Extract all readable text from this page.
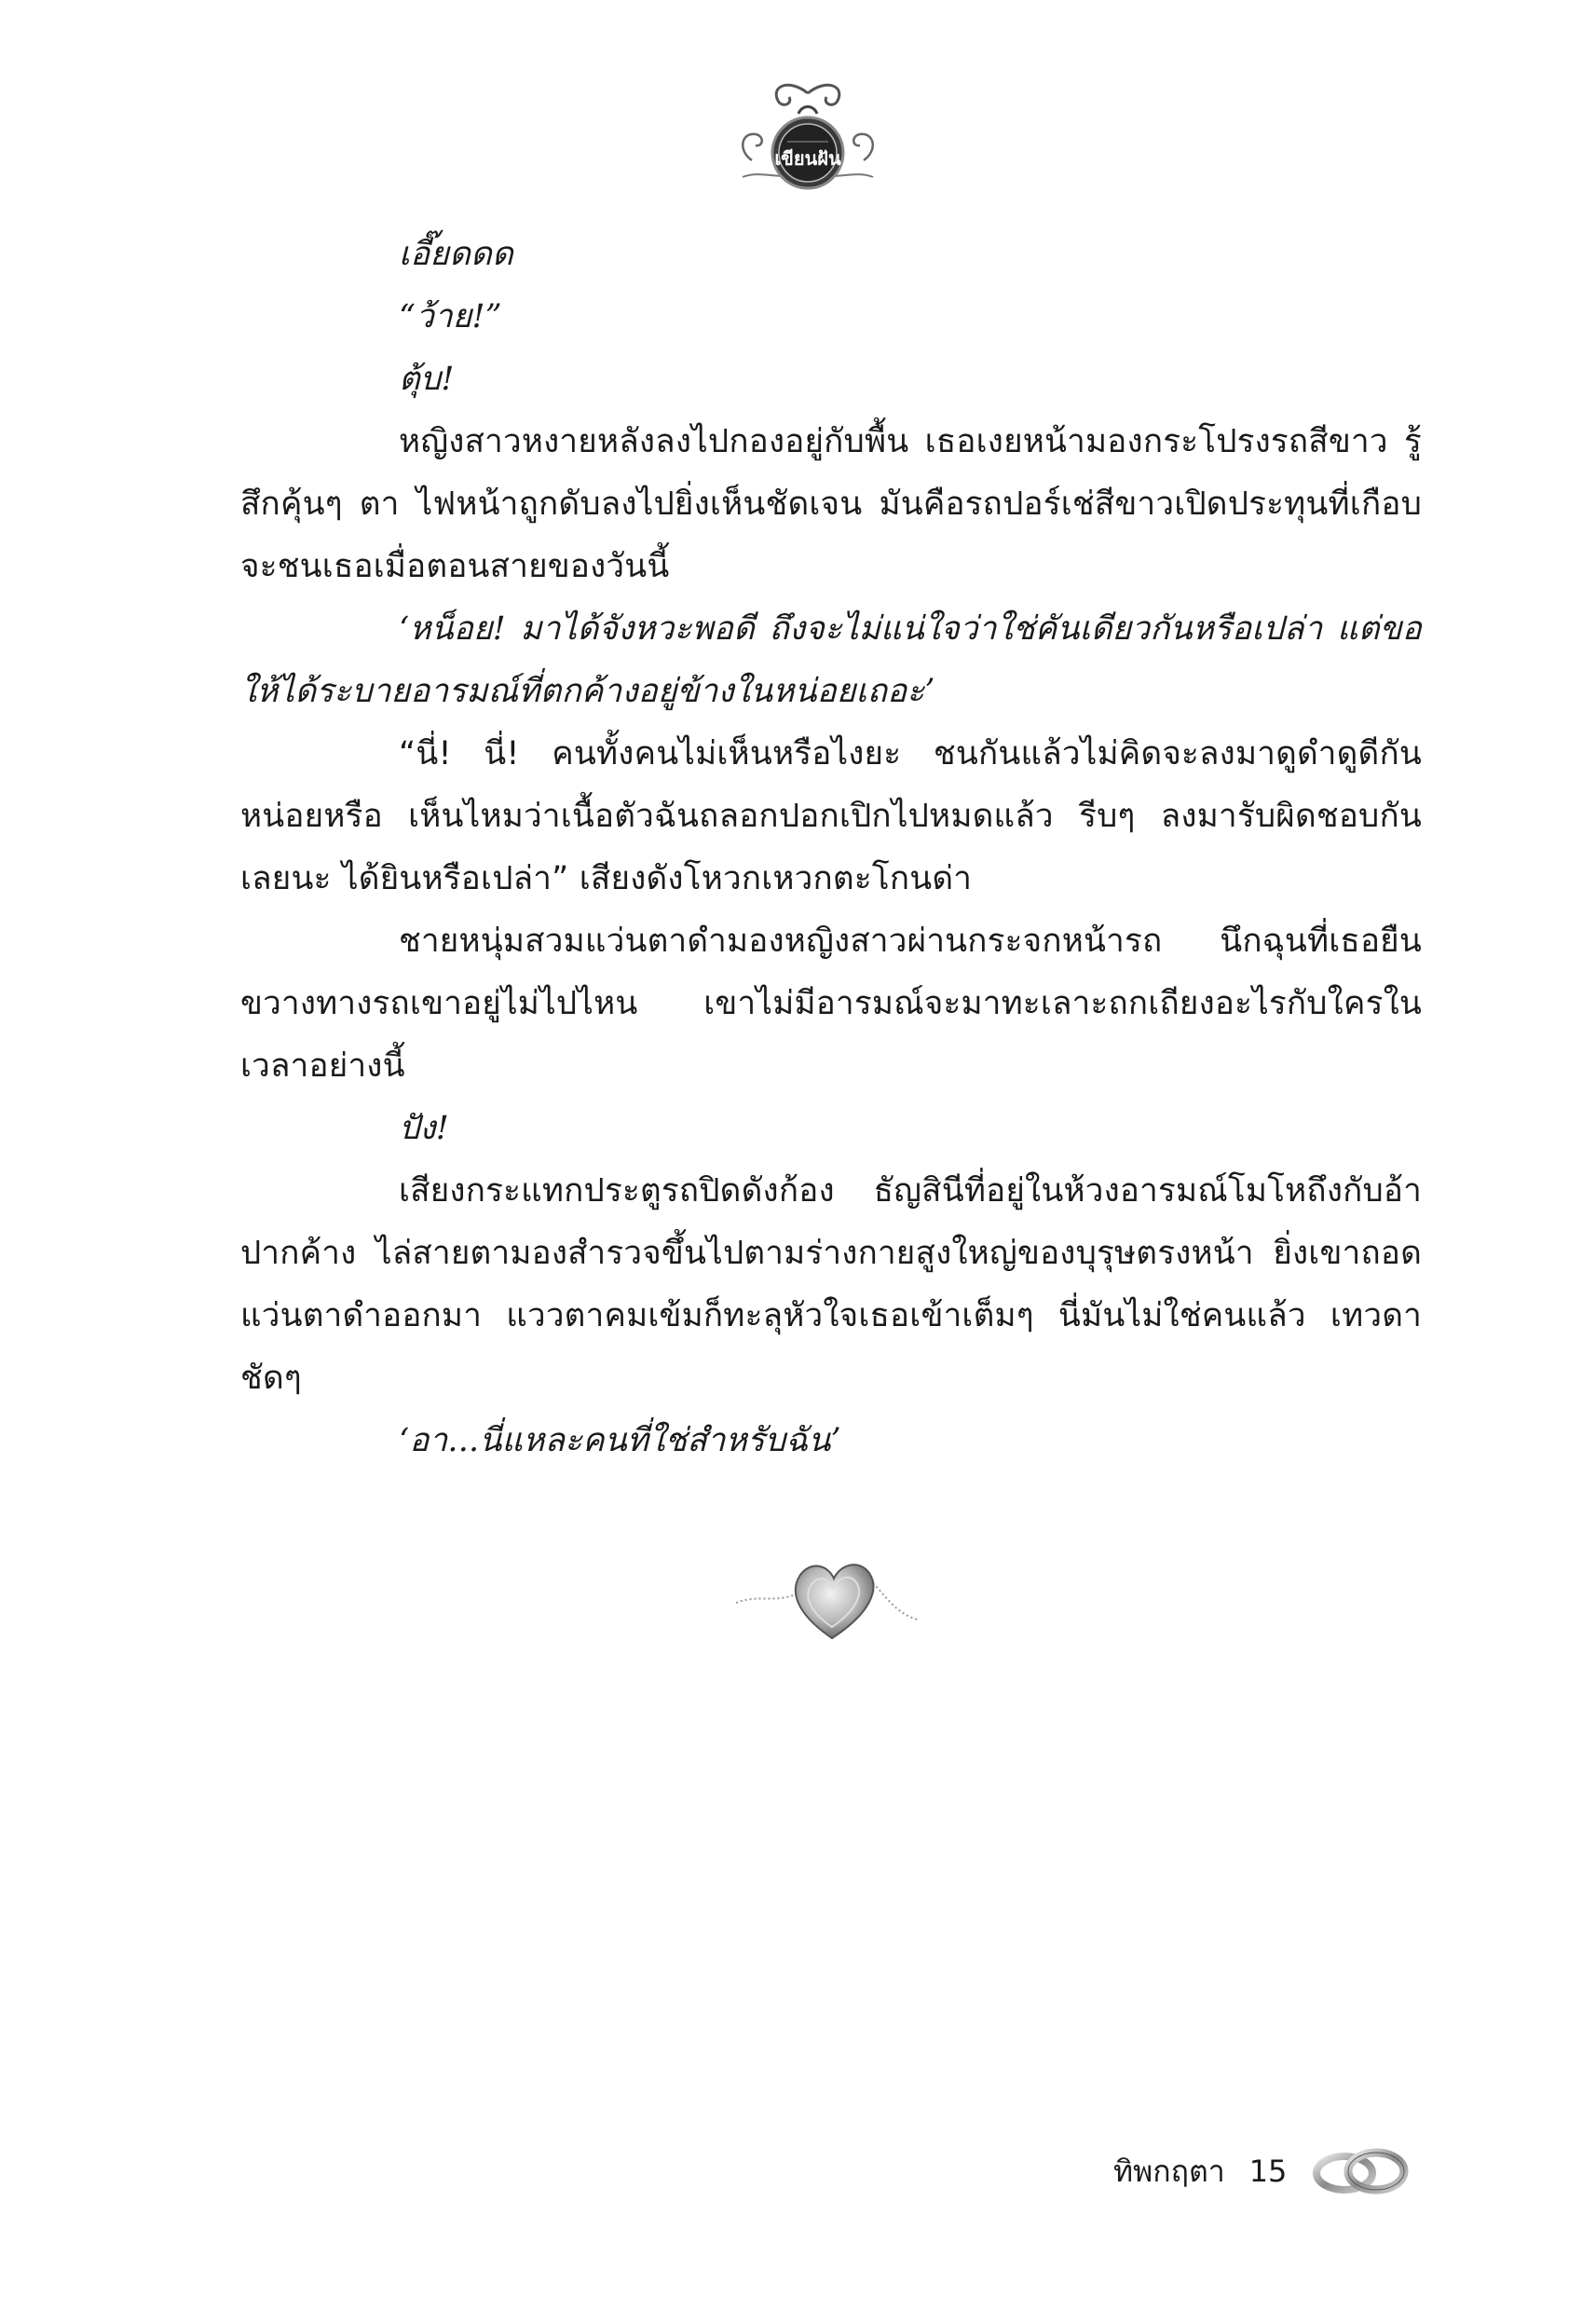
เขียนฝัน

เอี๊ยดดด

“ว้าย!”

ตุ้บ!

หญิงสาวหงายหลังลงไปกองอยู่กับพื้น เธอเงยหน้ามองกระโปรงรถสีขาว รู้สึกคุ้นๆ ตา ไฟหน้าถูกดับลงไปยิ่งเห็นชัดเจน มันคือรถปอร์เช่สีขาวเปิดประทุนที่เกือบจะชนเธอเมื่อตอนสายของวันนี้

‘หน็อย! มาได้จังหวะพอดี ถึงจะไม่แน่ใจว่าใช่คันเดียวกันหรือเปล่า แต่ขอให้ได้ระบายอารมณ์ที่ตกค้างอยู่ข้างในหน่อยเถอะ’

“นี่! นี่! คนทั้งคนไม่เห็นหรือไงยะ ชนกันแล้วไม่คิดจะลงมาดูดำดูดีกันหน่อยหรือ เห็นไหมว่าเนื้อตัวฉันถลอกปอกเปิกไปหมดแล้ว รีบๆ ลงมารับผิดชอบกันเลยนะ ได้ยินหรือเปล่า” เสียงดังโหวกเหวกตะโกนด่า

ชายหนุ่มสวมแว่นตาดำมองหญิงสาวผ่านกระจกหน้ารถ นึกฉุนที่เธอยืนขวางทางรถเขาอยู่ไม่ไปไหน เขาไม่มีอารมณ์จะมาทะเลาะถกเถียงอะไรกับใครในเวลาอย่างนี้

ปัง!

เสียงกระแทกประตูรถปิดดังก้อง ธัญสินีที่อยู่ในห้วงอารมณ์โมโหถึงกับอ้าปากค้าง ไล่สายตามองสำรวจขึ้นไปตามร่างกายสูงใหญ่ของบุรุษตรงหน้า ยิ่งเขาถอดแว่นตาดำออกมา แววตาคมเข้มก็ทะลุหัวใจเธอเข้าเต็มๆ นี่มันไม่ใช่คนแล้ว เทวดาชัดๆ

‘อา...นี่แหละคนที่ใช่สำหรับฉัน’

ทิพกฤตา 15
